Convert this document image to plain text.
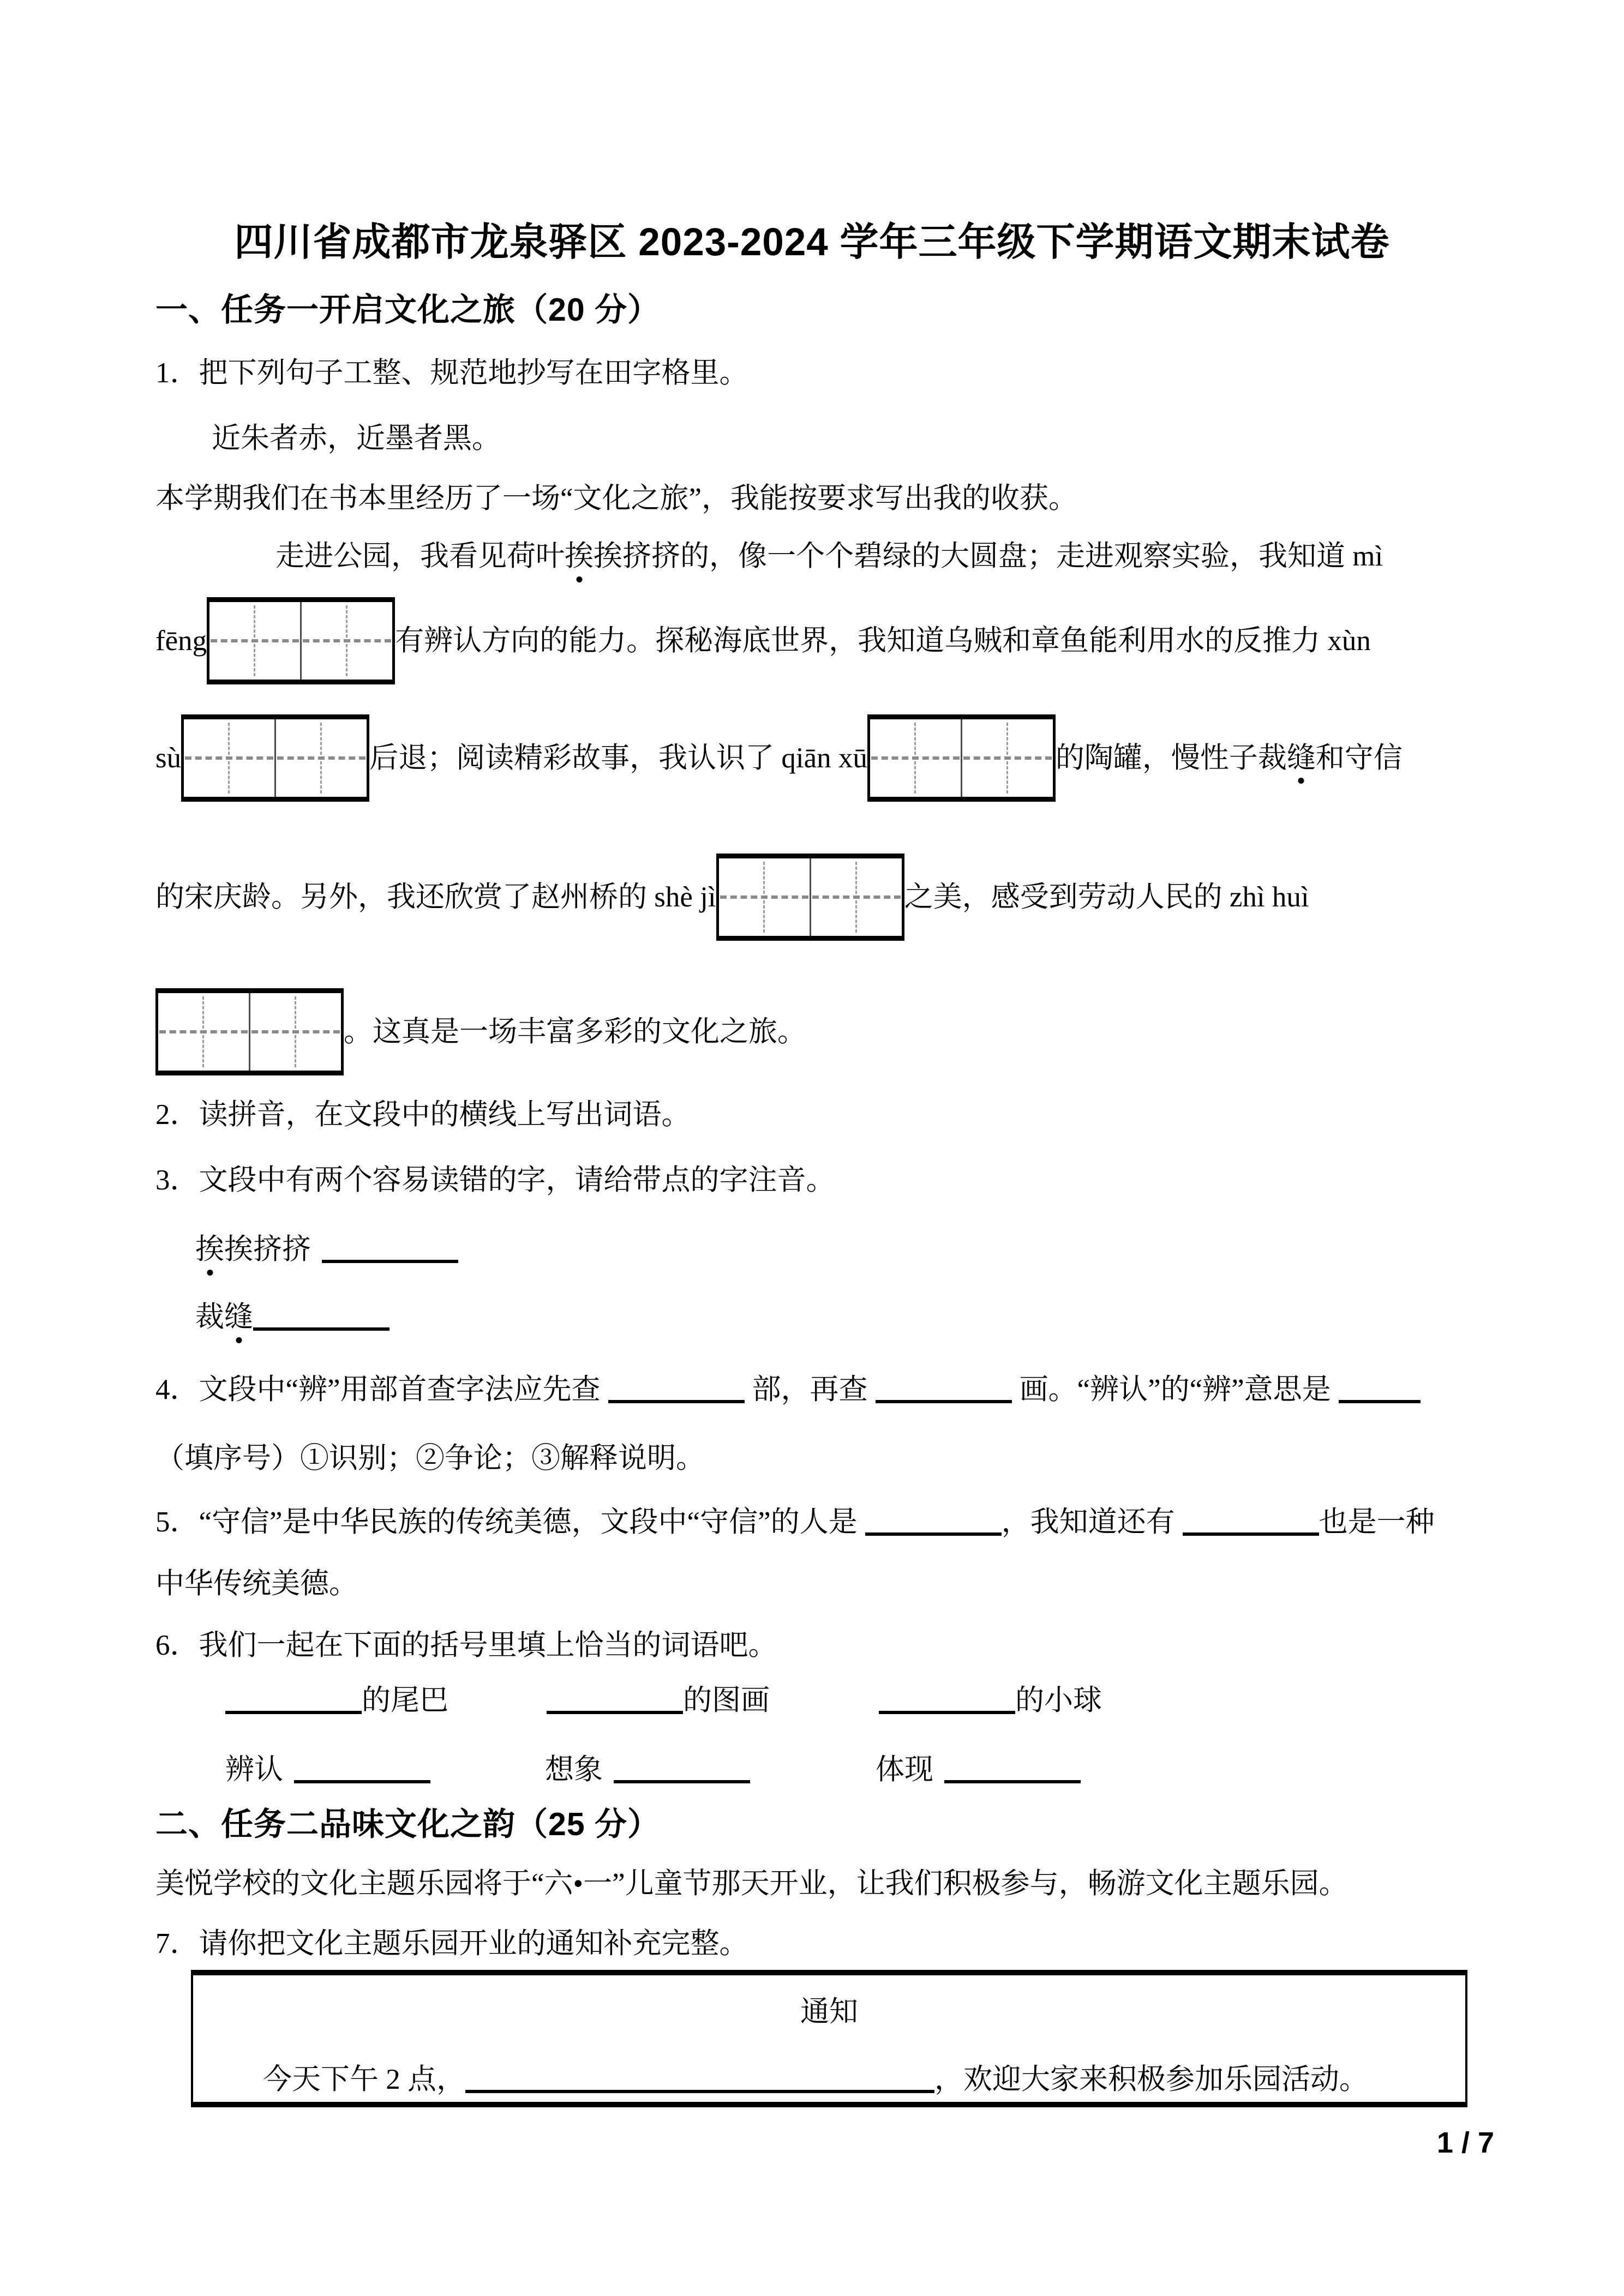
四川省成都市龙泉驿区 2023-2024 学年三年级下学期语文期末试卷
一、任务一开启文化之旅（20 分）
1．把下列句子工整、规范地抄写在田字格里。
近朱者赤，近墨者黑。
本学期我们在书本里经历了一场“文化之旅”，我能按要求写出我的收获。
走进公园，我看见荷叶挨挨挤挤的，像一个个碧绿的大圆盘；走进观察实验，我知道 mì
fēng	有辨认方向的能力。探秘海底世界，我知道乌贼和章鱼能利用水的反推力 xùn
sù	后退；阅读精彩故事，我认识了 qiān xū	的陶罐，慢性子裁缝和守信
的宋庆龄。另外，我还欣赏了赵州桥的 shè jì	之美，感受到劳动人民的 zhì huì
。这真是一场丰富多彩的文化之旅。
2．读拼音，在文段中的横线上写出词语。
3．文段中有两个容易读错的字，请给带点的字注音。
挨挨挤挤
裁缝
4．文段中“辨”用部首查字法应先查	部，再查	画。“辨认”的“辨”意思是
（填序号）①识别；②争论；③解释说明。
5．“守信”是中华民族的传统美德，文段中“守信”的人是	，我知道还有	也是一种
中华传统美德。
6．我们一起在下面的括号里填上恰当的词语吧。
的尾巴	的图画	的小球
辨认	想象	体现
二、任务二品味文化之韵（25 分）
美悦学校的文化主题乐园将于“六•一”儿童节那天开业，让我们积极参与，畅游文化主题乐园。
7．请你把文化主题乐园开业的通知补充完整。
通知
今天下午 2 点，	，欢迎大家来积极参加乐园活动。
1 / 7
